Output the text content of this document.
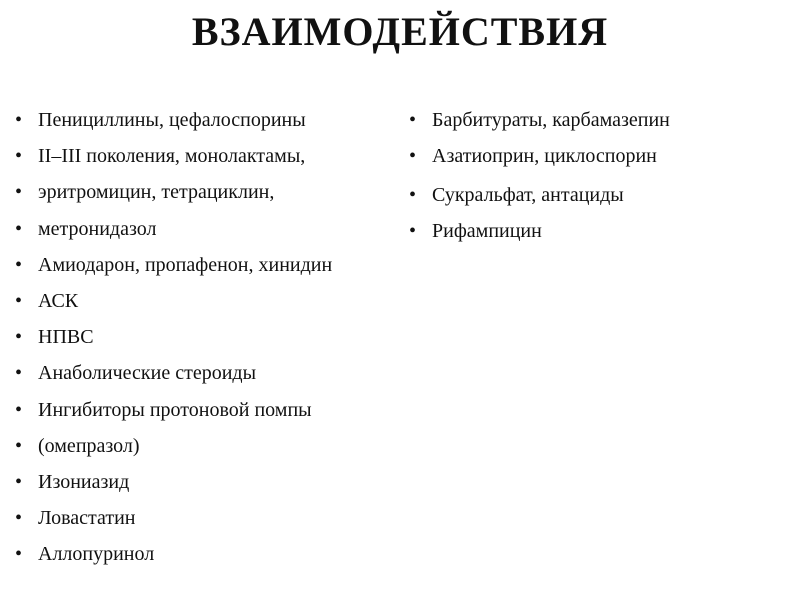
ВЗАИМОДЕЙСТВИЯ
• Пенициллины, цефалоспорины
• II–III поколения, монолактамы,
• эритромицин, тетрациклин,
• метронидазол
• Амиодарон, пропафенон, хинидин
• АСК
• НПВС
• Анаболические стероиды
• Ингибиторы протоновой помпы
• (омепразол)
• Изониазид
• Ловастатин
• Аллопуринол
• Барбитураты, карбамазепин
• Азатиоприн, циклоспорин
• Сукральфат, антациды
• Рифампицин
